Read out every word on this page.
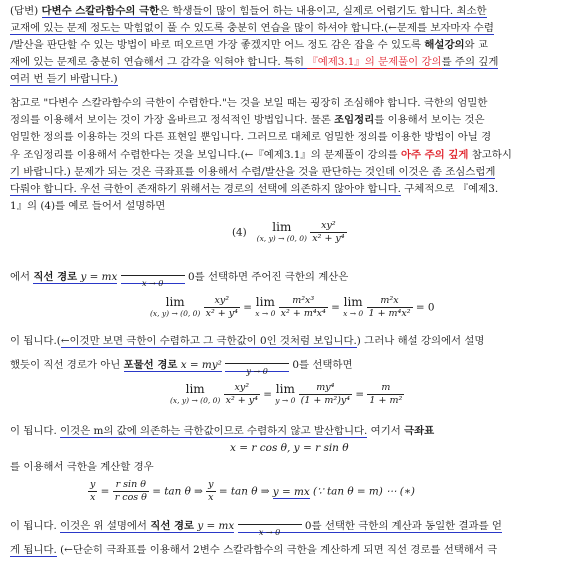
(답변) 다변수 스칼라함수의 극한은 학생들이 많이 힘들어 하는 내용이고, 실제로 어렵기도 합니다. 최소한
교재에 있는 문제 정도는 막힘없이 풀 수 있도록 충분히 연습을 많이 하셔야 합니다.(←문제를 보자마자 수렴
/발산을 판단할 수 있는 방법이 바로 떠오르면 가장 좋겠지만 어느 정도 감은 잡을 수 있도록 해설강의와 교
재에 있는 문제로 충분히 연습해서 그 감각을 익혀야 합니다. 특히 『예제3.1』의 문제풀이 강의를 주의 깊게
여러 번 듣기 바랍니다.)
참고로 "다변수 스칼라함수의 극한이 수렴한다."는 것을 보일 때는 굉장히 조심해야 합니다. 극한의 엄밀한
정의를 이용해서 보이는 것이 가장 올바르고 정석적인 방법입니다. 물론 조임정리를 이용해서 보이는 것은
엄밀한 정의를 이용하는 것의 다른 표현일 뿐입니다. 그러므로 대체로 엄밀한 정의를 이용한 방법이 아닐 경
우 조임정리를 이용해서 수렴한다는 것을 보입니다.(←『예제3.1』의 문제풀이 강의를 아주 주의 깊게 참고하시
기 바랍니다.) 문제가 되는 것은 극좌표를 이용해서 수렴/발산을 것을 판단하는 것인데 이것은 좀 조심스럽게
다뤄야 합니다. 우선 극한이 존재하기 위해서는 경로의 선택에 의존하지 않아야 합니다. 구체적으로 『예제3.
1』의 (4)를 예로 들어서 설명하면
(4) lim
(x, y) → (0, $0) \frac{\text{xy²}}{\text{x² + y⁴}}$
에서 직선 경로 y = mx	x → 0	0를 선택하면 주어진 극한의 계산은
lim
(x, y) → (0, $0) \frac{\text{xy²}}{\text{x² + y⁴}} = \lim$
$x \to 0 \frac{\text{m²x³}}{\text{x² + m⁴x⁴}} = \lim$
$x \to 0 \frac{\text{m²x}}{\text{1 + m⁴x²}} = 0$
이 됩니다.(←이것만 보면 극한이 수렴하고 그 극한값이 0인 것처럼 보입니다.) 그러나 해설 강의에서 설명
했듯이 직선 경로가 아닌 포물선 경로 x = my²	y → 0	0를 선택하면
lim
(x, y) → (0, $0) \frac{\text{xy²}}{\text{x² + y⁴}} = \lim$
$y \to 0 \frac{\text{my⁴}}{\text{(1 + m²)y⁴}} = \frac{m}{\text{1 + m²}}$
이 됩니다. 이것은 m의 값에 의존하는 극한값이므로 수렴하지 않고 발산합니다. 여기서 극좌표
x = r cos θ, y = r sin θ
를 이용해서 극한을 계산할 경우
$\frac{y}{x} = \frac{\text{r sin θ}}{\text{r cos θ}} = \tan \theta$ ⇒ $\frac{y}{x} = \tan \theta$ ⇒ y = mx (∵ tan θ = m) ⋯ (∗)
이 됩니다. 이것은 위 설명에서 직선 경로 y = mx	x → 0	0를 선택한 극한의 계산과 동일한 결과를 얻
게 됩니다. (←단순히 극좌표를 이용해서 2변수 스칼라함수의 극한을 계산하게 되면 직선 경로를 선택해서 극
